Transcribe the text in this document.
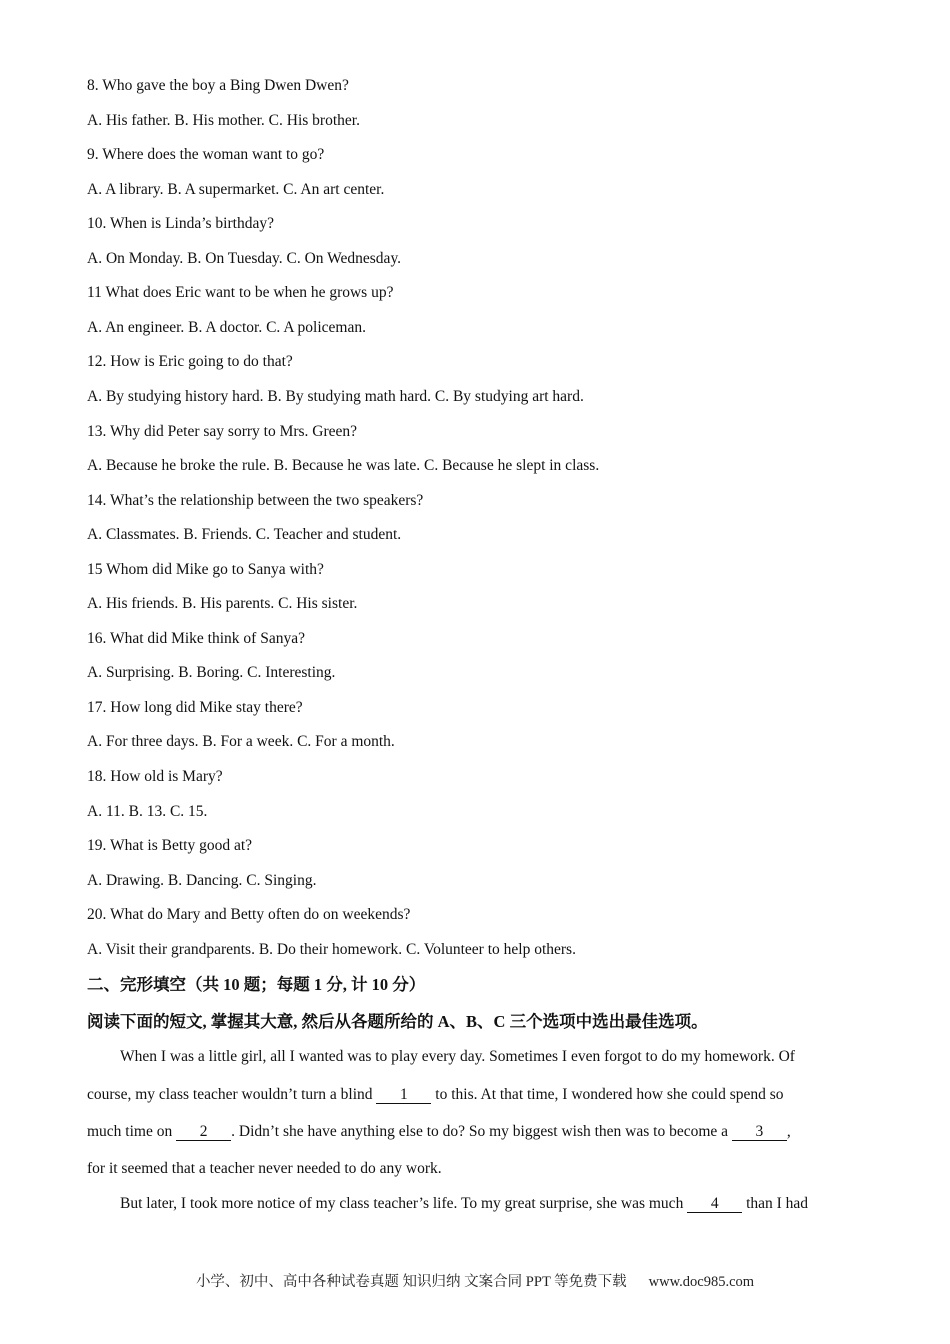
8. Who gave the boy a Bing Dwen Dwen?
A. His father. B. His mother. C. His brother.
9. Where does the woman want to go?
A. A library. B. A supermarket. C. An art center.
10. When is Linda’s birthday?
A. On Monday. B. On Tuesday. C. On Wednesday.
11 What does Eric want to be when he grows up?
A. An engineer. B. A doctor. C. A policeman.
12. How is Eric going to do that?
A. By studying history hard. B. By studying math hard. C. By studying art hard.
13. Why did Peter say sorry to Mrs. Green?
A. Because he broke the rule. B. Because he was late. C. Because he slept in class.
14. What’s the relationship between the two speakers?
A. Classmates. B. Friends. C. Teacher and student.
15 Whom did Mike go to Sanya with?
A. His friends. B. His parents. C. His sister.
16. What did Mike think of Sanya?
A. Surprising. B. Boring. C. Interesting.
17. How long did Mike stay there?
A. For three days. B. For a week. C. For a month.
18. How old is Mary?
A. 11. B. 13. C. 15.
19. What is Betty good at?
A. Drawing. B. Dancing. C. Singing.
20. What do Mary and Betty often do on weekends?
A. Visit their grandparents. B. Do their homework. C. Volunteer to help others.
二、完形填空（共 10 题；每题 1 分, 计 10 分）
阅读下面的短文, 掌握其大意, 然后从各题所给的 A、B、C 三个选项中选出最佳选项。
When I was a little girl, all I wanted was to play every day. Sometimes I even forgot to do my homework. Of
course, my class teacher wouldn’t turn a blind 1 to this. At that time, I wondered how she could spend so
much time on 2 . Didn’t she have anything else to do? So my biggest wish then was to become a 3 ,
for it seemed that a teacher never needed to do any work.
But later, I took more notice of my class teacher’s life. To my great surprise, she was much 4 than I had
小学、初中、高中各种试卷真题 知识归纳 文案合同 PPT 等免费下载 www.doc985.com
